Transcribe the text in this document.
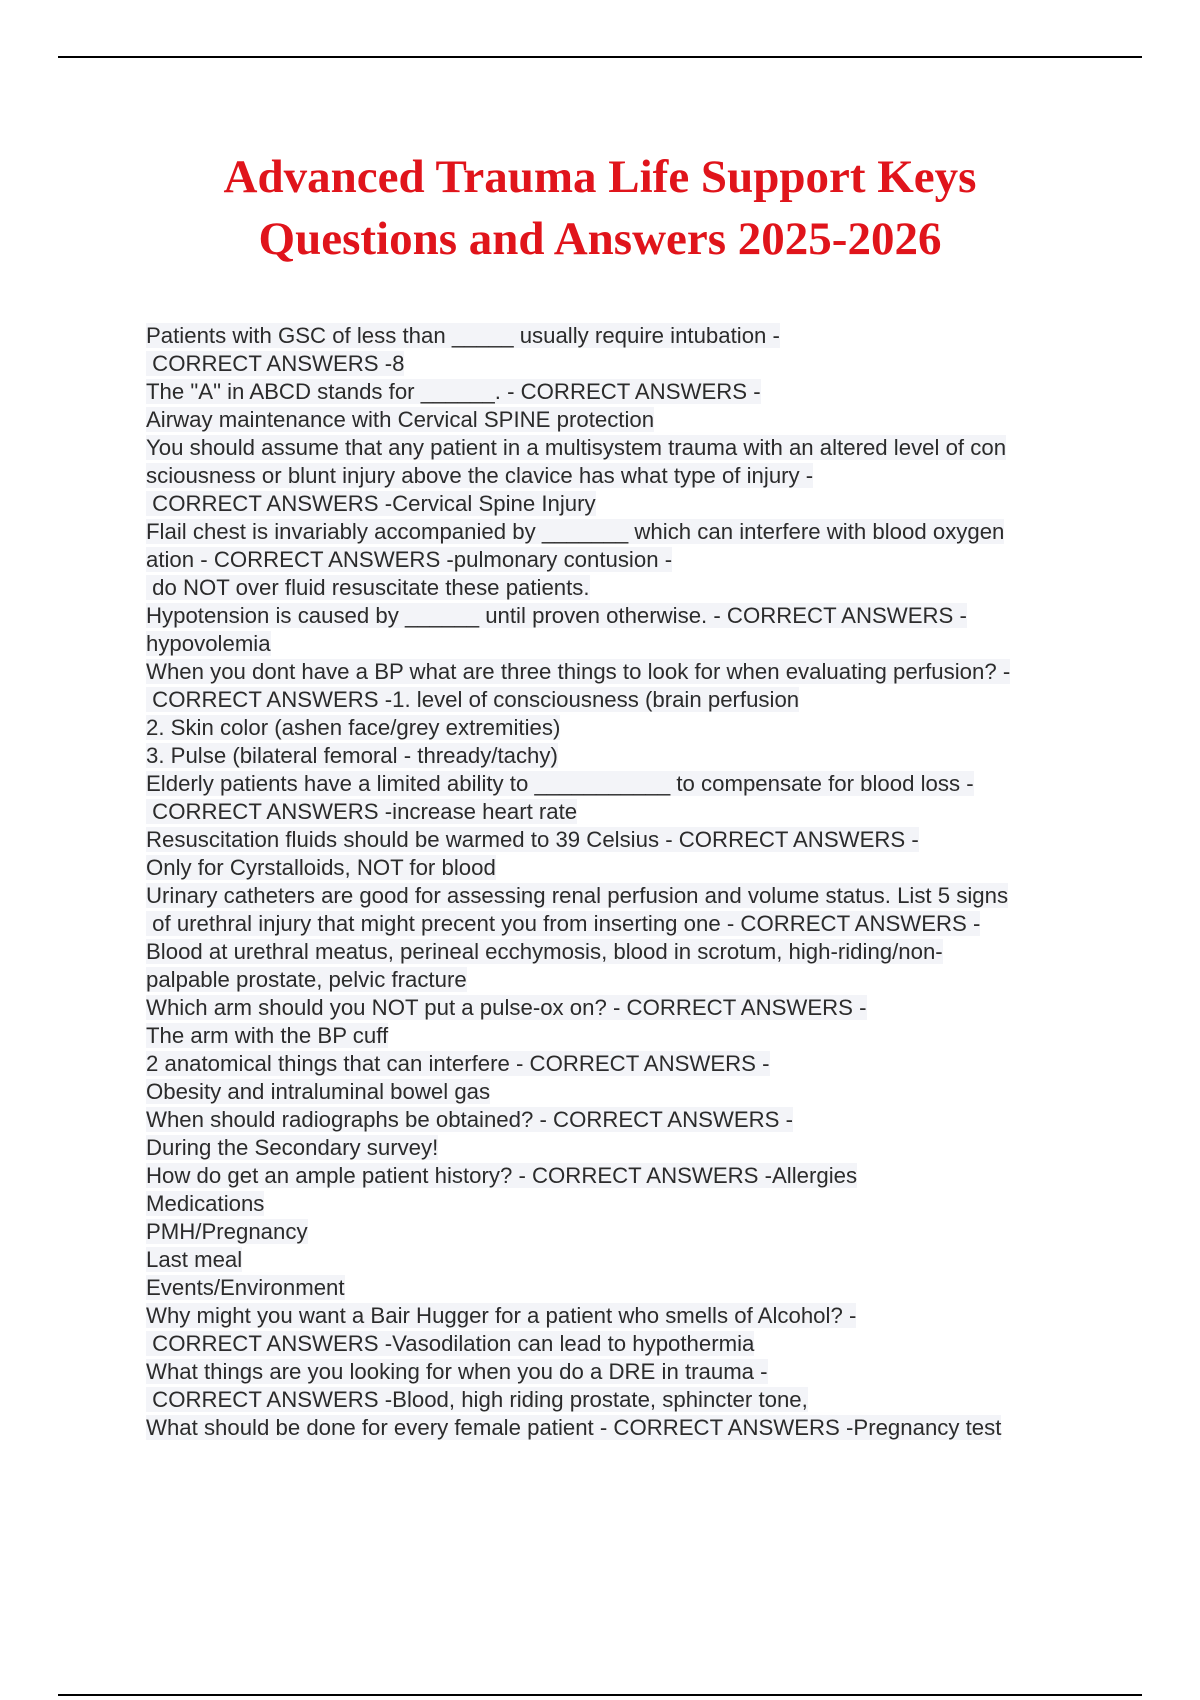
Advanced Trauma Life Support Keys
Questions and Answers 2025-2026
Patients with GSC of less than _____ usually require intubation -
CORRECT ANSWERS -8
The "A" in ABCD stands for ______. - CORRECT ANSWERS -
Airway maintenance with Cervical SPINE protection
You should assume that any patient in a multisystem trauma with an altered level of con
sciousness or blunt injury above the clavice has what type of injury -
CORRECT ANSWERS -Cervical Spine Injury
Flail chest is invariably accompanied by _______ which can interfere with blood oxygen
ation - CORRECT ANSWERS -pulmonary contusion -
do NOT over fluid resuscitate these patients.
Hypotension is caused by ______ until proven otherwise. - CORRECT ANSWERS -
hypovolemia
When you dont have a BP what are three things to look for when evaluating perfusion? -
CORRECT ANSWERS -1. level of consciousness (brain perfusion
2. Skin color (ashen face/grey extremities)
3. Pulse (bilateral femoral - thready/tachy)
Elderly patients have a limited ability to ___________ to compensate for blood loss -
CORRECT ANSWERS -increase heart rate
Resuscitation fluids should be warmed to 39 Celsius - CORRECT ANSWERS -
Only for Cyrstalloids, NOT for blood
Urinary catheters are good for assessing renal perfusion and volume status. List 5 signs
of urethral injury that might precent you from inserting one - CORRECT ANSWERS -
Blood at urethral meatus, perineal ecchymosis, blood in scrotum, high-riding/non-
palpable prostate, pelvic fracture
Which arm should you NOT put a pulse-ox on? - CORRECT ANSWERS -
The arm with the BP cuff
2 anatomical things that can interfere - CORRECT ANSWERS -
Obesity and intraluminal bowel gas
When should radiographs be obtained? - CORRECT ANSWERS -
During the Secondary survey!
How do get an ample patient history? - CORRECT ANSWERS -Allergies
Medications
PMH/Pregnancy
Last meal
Events/Environment
Why might you want a Bair Hugger for a patient who smells of Alcohol? -
CORRECT ANSWERS -Vasodilation can lead to hypothermia
What things are you looking for when you do a DRE in trauma -
CORRECT ANSWERS -Blood, high riding prostate, sphincter tone,
What should be done for every female patient - CORRECT ANSWERS -Pregnancy test
